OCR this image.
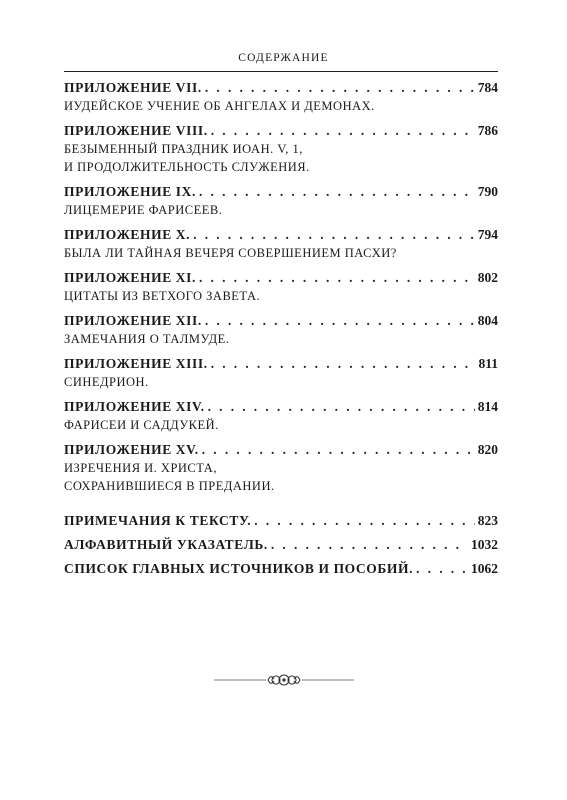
СОДЕРЖАНИЕ
ПРИЛОЖЕНИЕ VII. . . .	784
ИУДЕЙСКОЕ УЧЕНИЕ ОБ АНГЕЛАХ И ДЕМОНАХ.
ПРИЛОЖЕНИЕ VIII. . . .	786
БЕЗЫМЕННЫЙ ПРАЗДНИК ИОАН. V, 1,
И ПРОДОЛЖИТЕЛЬНОСТЬ СЛУЖЕНИЯ.
ПРИЛОЖЕНИЕ IX. . . .	790
ЛИЦЕМЕРИЕ ФАРИСЕЕВ.
ПРИЛОЖЕНИЕ X. . . .	794
БЫЛА ЛИ ТАЙНАЯ ВЕЧЕРЯ СОВЕРШЕНИЕМ ПАСХИ?
ПРИЛОЖЕНИЕ XI. . . .	802
ЦИТАТЫ ИЗ ВЕТХОГО ЗАВЕТА.
ПРИЛОЖЕНИЕ XII. . . .	804
ЗАМЕЧАНИЯ О ТАЛМУДЕ.
ПРИЛОЖЕНИЕ XIII. . . .	811
СИНЕДРИОН.
ПРИЛОЖЕНИЕ XIV. . . .	814
ФАРИСЕИ И САДДУКЕЙ.
ПРИЛОЖЕНИЕ XV. . . .	820
ИЗРЕЧЕНИЯ И. ХРИСТА,
СОХРАНИВШИЕСЯ В ПРЕДАНИИ.
ПРИМЕЧАНИЯ К ТЕКСТУ. . . .	823
АЛФАВИТНЫЙ УКАЗАТЕЛЬ. . . .	1032
СПИСОК ГЛАВНЫХ ИСТОЧНИКОВ И ПОСОБИЙ. . . .	1062
